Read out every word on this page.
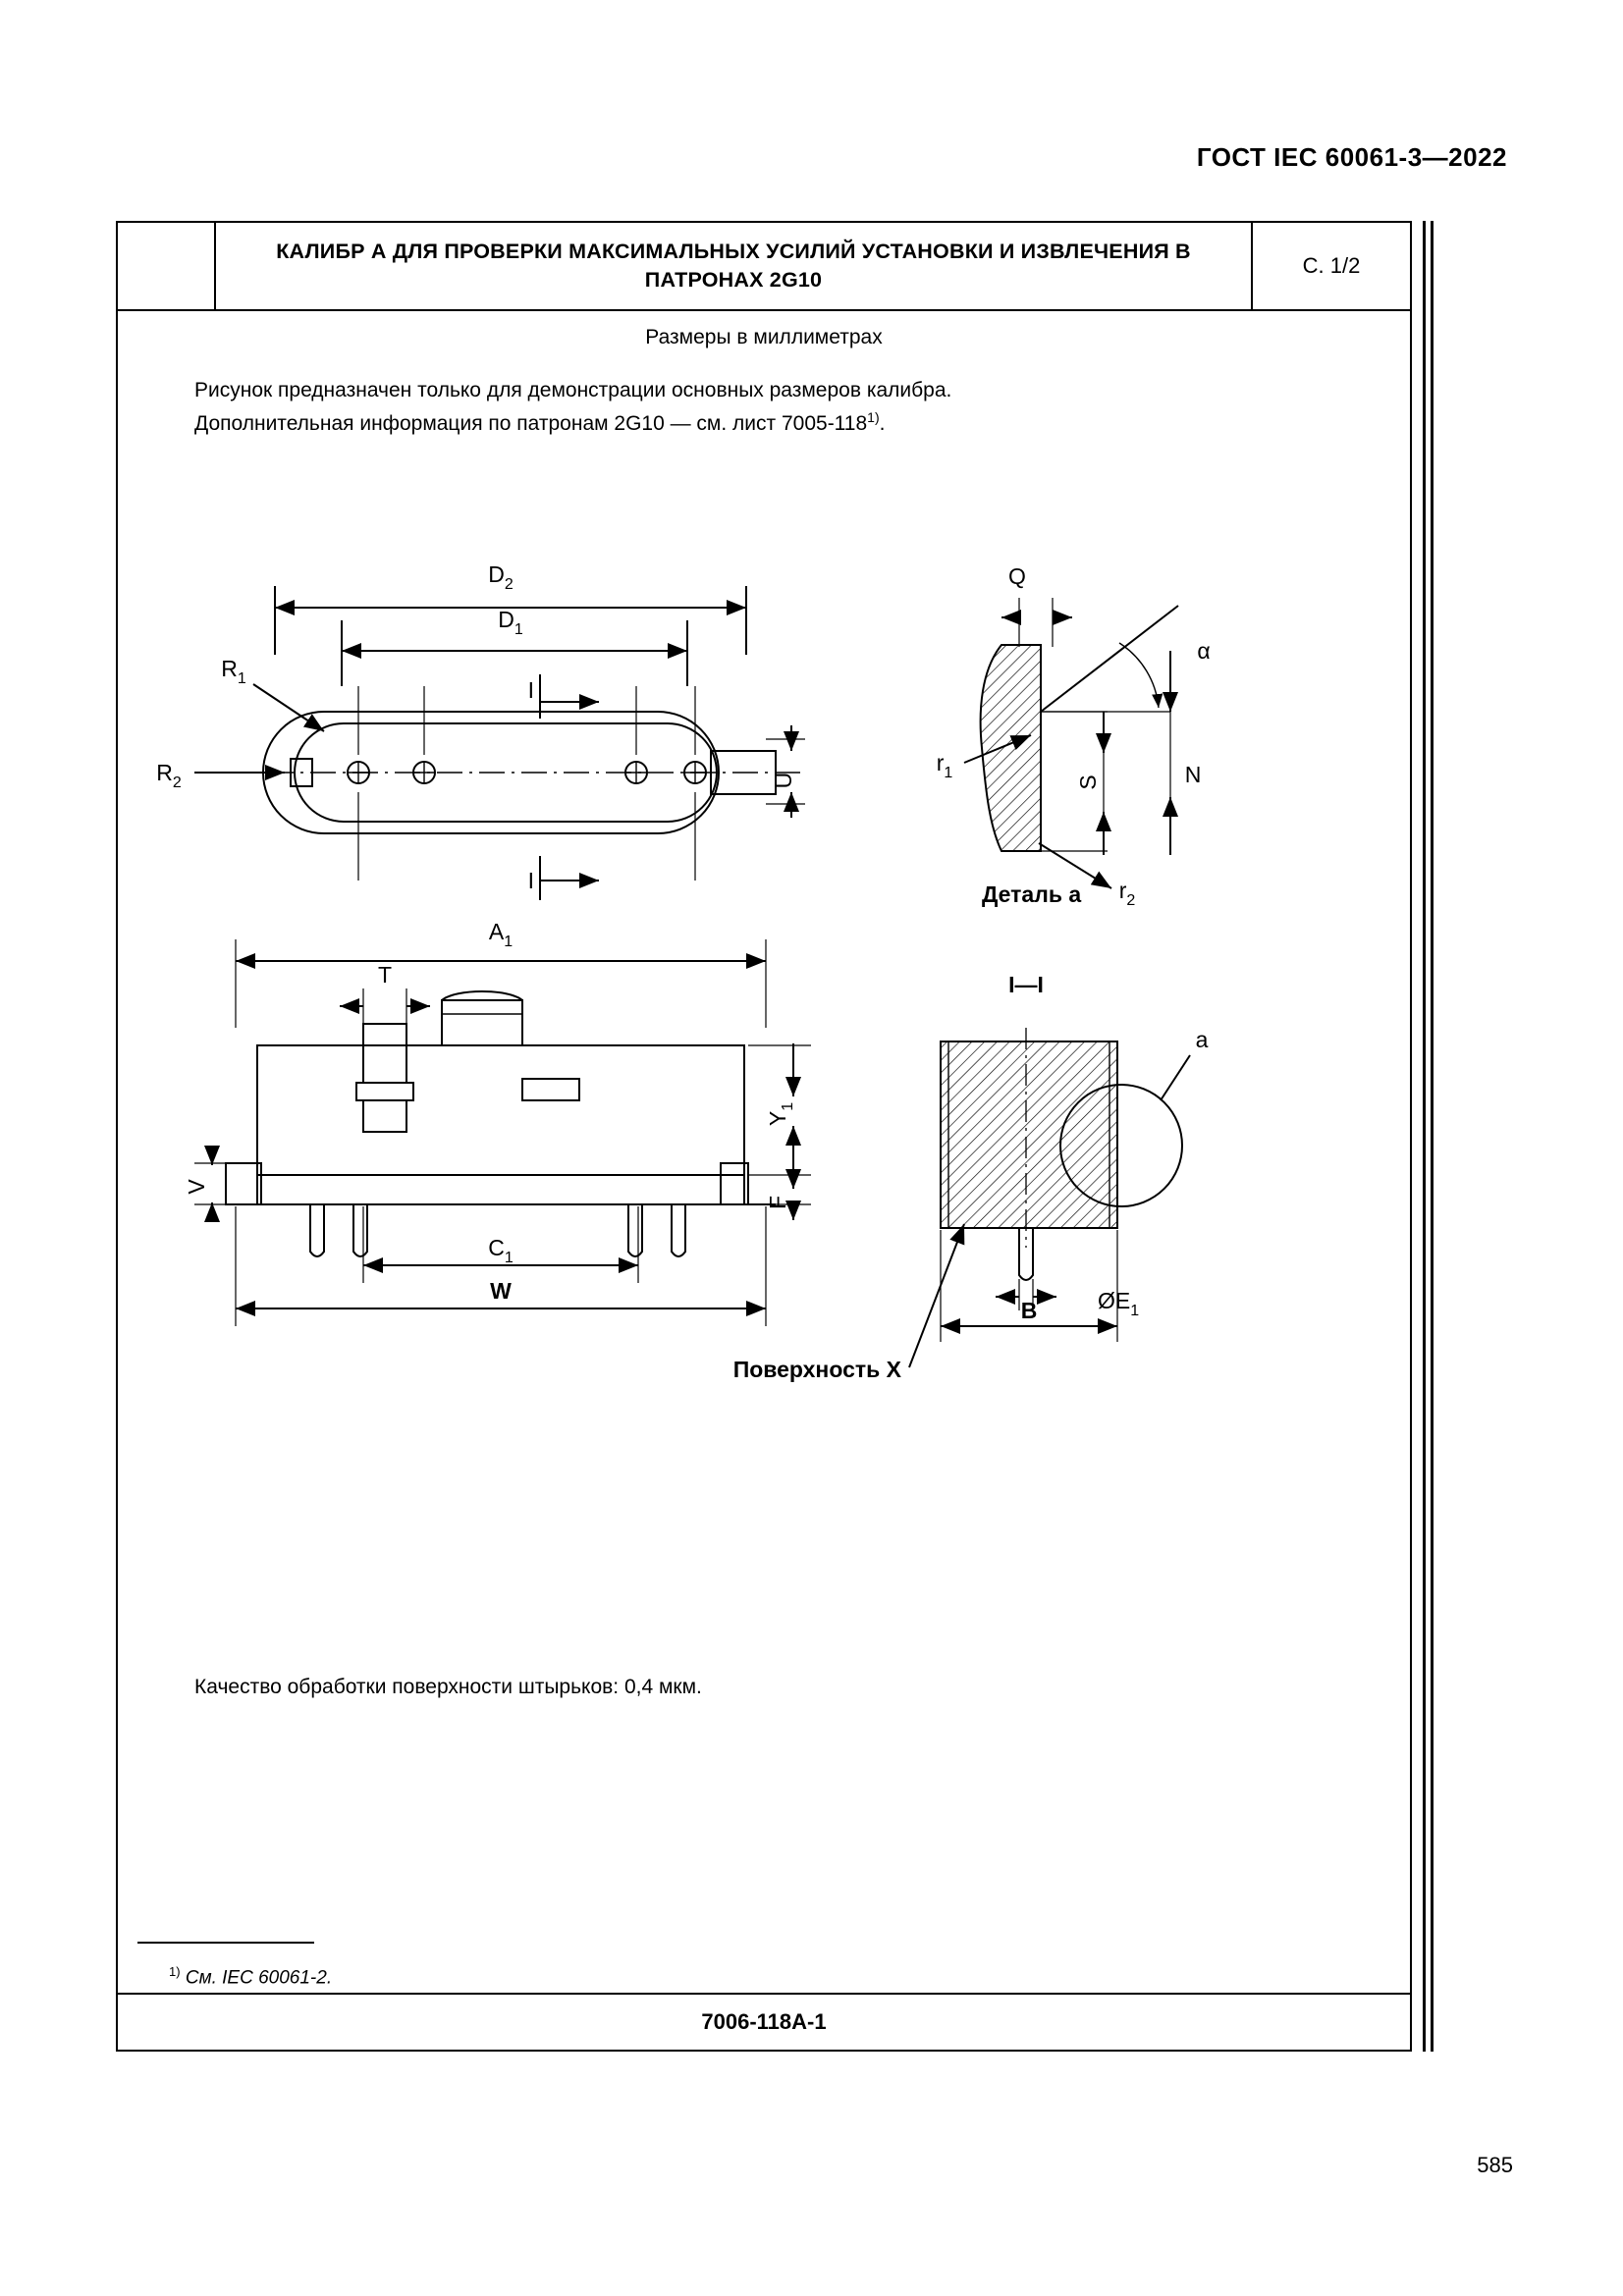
ГОСТ IEC 60061-3—2022
КАЛИБР А ДЛЯ ПРОВЕРКИ МАКСИМАЛЬНЫХ УСИЛИЙ УСТАНОВКИ И ИЗВЛЕЧЕНИЯ В ПАТРОНАХ 2G10
С. 1/2
Размеры в миллиметрах
Рисунок предназначен только для демонстрации основных размеров калибра.
Дополнительная информация по патронам 2G10 — см. лист 7005-118$^{1)}$.
$D_2$
$D_1$
$R_1$
$R_2$
I
I
U
Q
α
N
S
$r_1$
$r_2$
Деталь а
$A_1$
T
V
$Y_1$
F
$C_1$
W
I—I
а
$ØE_1$
B
Поверхность X
Качество обработки поверхности штырьков: 0,4 мкм.
$^{1)}$ См. IEC 60061-2.
7006-118А-1
585
